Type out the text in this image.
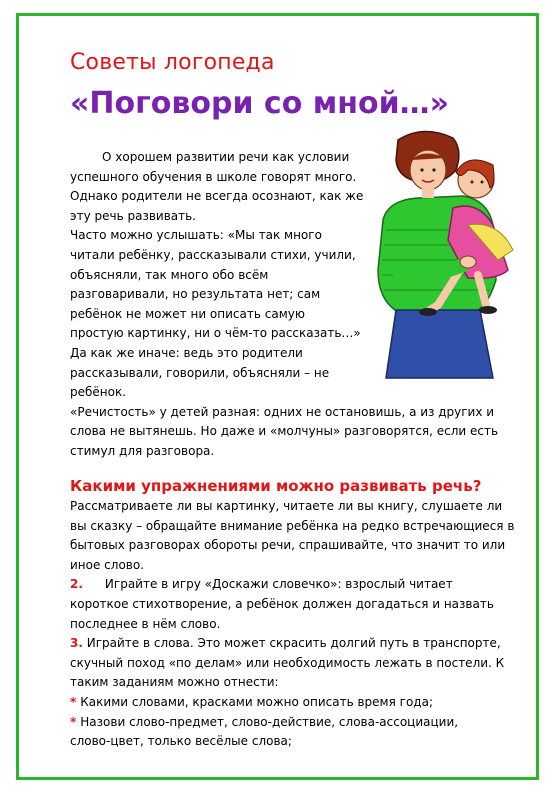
Советы логопеда
«Поговори со мной…»
О хорошем развитии речи как условии
успешного обучения в школе говорят много.
Однако родители не всегда осознают, как же
эту речь развивать.
Часто можно услышать: «Мы так много
читали ребёнку, рассказывали стихи, учили,
объясняли, так много обо всём
разговаривали, но результата нет; сам
ребёнок не может ни описать самую
простую картинку, ни о чём-то рассказать…»
Да как же иначе: ведь это родители
рассказывали, говорили, объясняли – не
ребёнок.
«Речистость» у детей разная: одних не остановишь, а из других и
слова не вытянешь. Но даже и «молчуны» разговорятся, если есть
стимул для разговора.
Какими упражнениями можно развивать речь?
Рассматриваете ли вы картинку, читаете ли вы книгу, слушаете ли
вы сказку – обращайте внимание ребёнка на редко встречающиеся в
бытовых разговорах обороты речи, спрашивайте, что значит то или
иное слово.
2. Играйте в игру «Доскажи словечко»: взрослый читает
короткое стихотворение, а ребёнок должен догадаться и назвать
последнее в нём слово.
3. Играйте в слова. Это может скрасить долгий путь в транспорте,
скучный поход «по делам» или необходимость лежать в постели. К
таким заданиям можно отнести:
* Какими словами, красками можно описать время года;
* Назови слово-предмет, слово-действие, слова-ассоциации,
слово-цвет, только весёлые слова;
